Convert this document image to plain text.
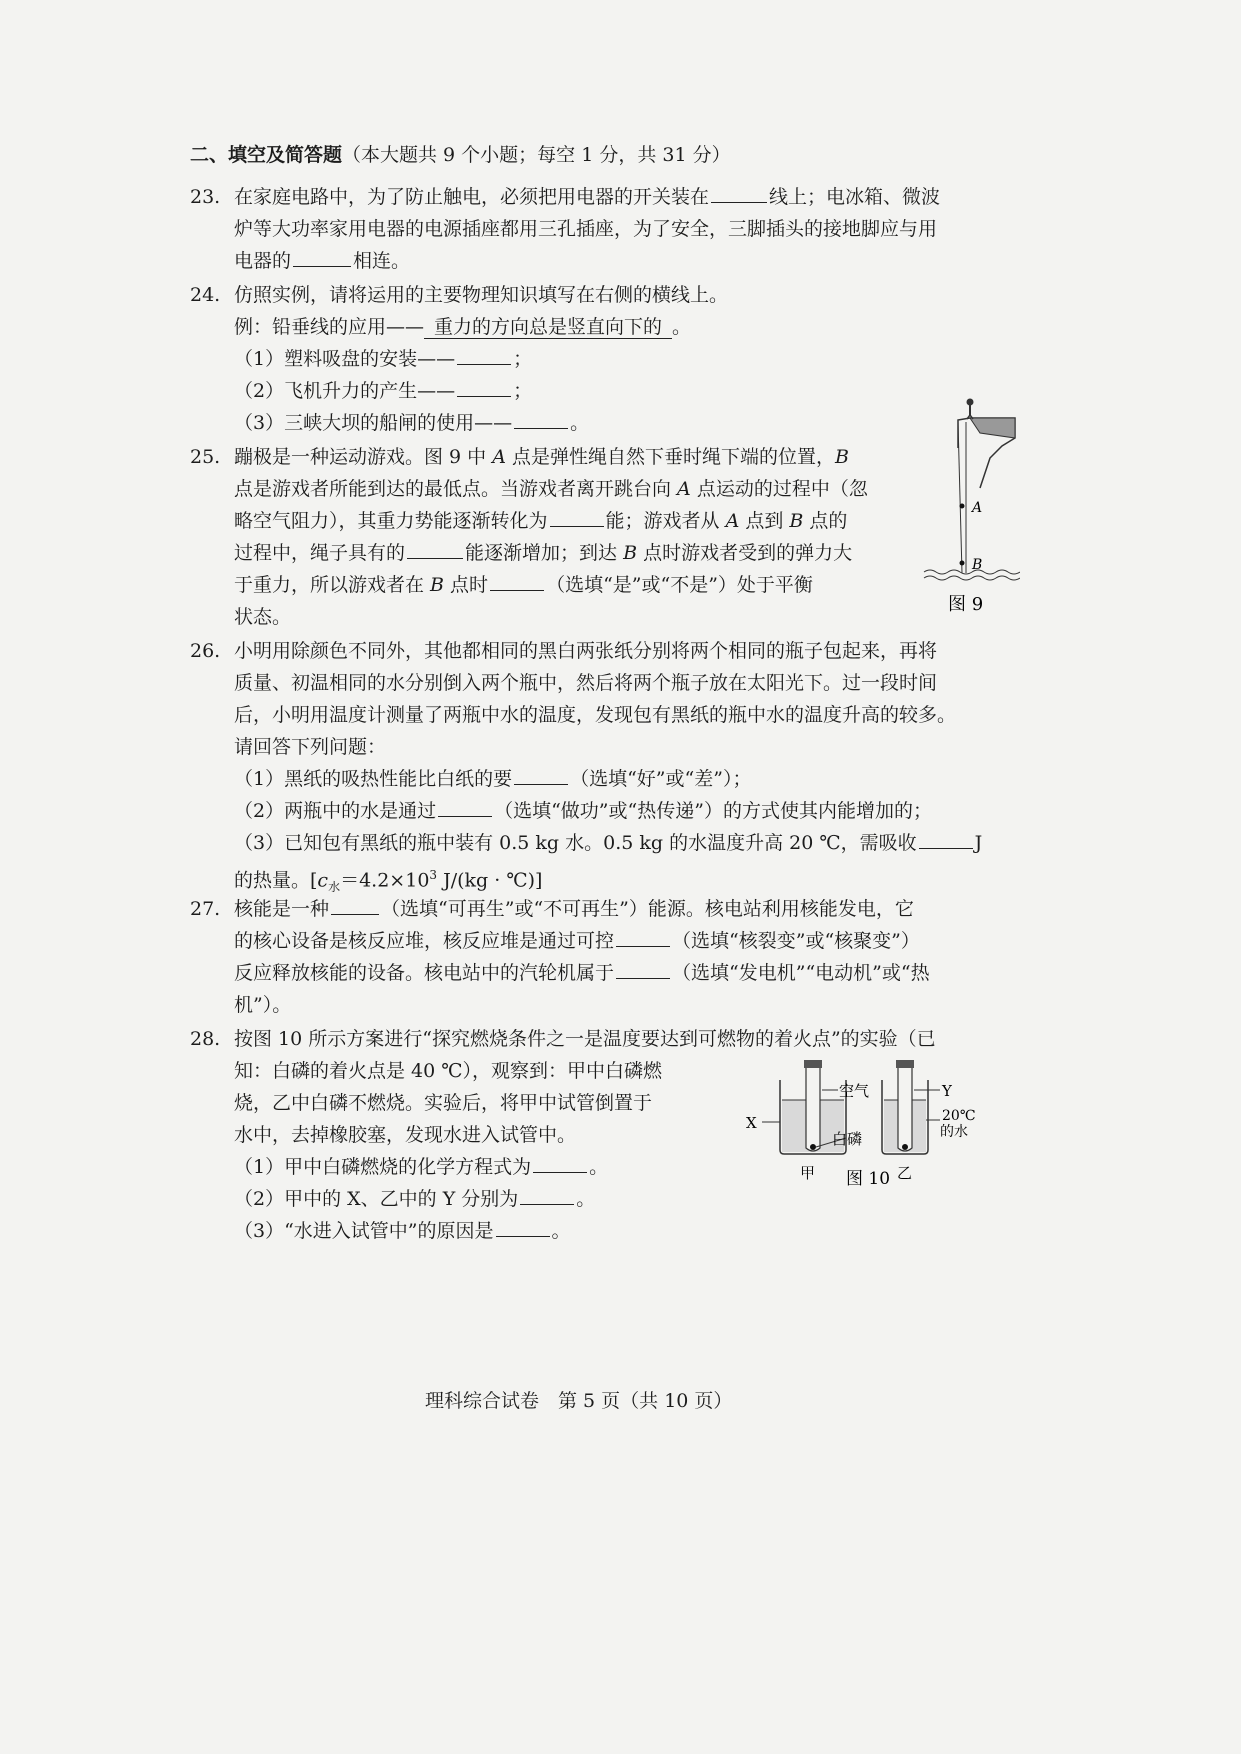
二、填空及简答题（本大题共 9 个小题；每空 1 分，共 31 分）
23. 在家庭电路中，为了防止触电，必须把用电器的开关装在	线上；电冰箱、微波
炉等大功率家用电器的电源插座都用三孔插座，为了安全，三脚插头的接地脚应与用
电器的	相连。
24. 仿照实例，请将运用的主要物理知识填写在右侧的横线上。
例：铅垂线的应用—— 重力的方向总是竖直向下的 。
（1）塑料吸盘的安装——	；
（2）飞机升力的产生——	；
（3）三峡大坝的船闸的使用——	。
25. 蹦极是一种运动游戏。图 9 中 A 点是弹性绳自然下垂时绳下端的位置，B
点是游戏者所能到达的最低点。当游戏者离开跳台向 A 点运动的过程中（忽
略空气阻力），其重力势能逐渐转化为	能；游戏者从 A 点到 B 点的
过程中，绳子具有的	能逐渐增加；到达 B 点时游戏者受到的弹力大
于重力，所以游戏者在 B 点时	（选填“是”或“不是”）处于平衡
状态。
A
B
图 9
26. 小明用除颜色不同外，其他都相同的黑白两张纸分别将两个相同的瓶子包起来，再将
质量、初温相同的水分别倒入两个瓶中，然后将两个瓶子放在太阳光下。过一段时间
后，小明用温度计测量了两瓶中水的温度，发现包有黑纸的瓶中水的温度升高的较多。
请回答下列问题：
（1）黑纸的吸热性能比白纸的要	（选填“好”或“差”）；
（2）两瓶中的水是通过	（选填“做功”或“热传递”）的方式使其内能增加的；
（3）已知包有黑纸的瓶中装有 0.5 kg 水。0.5 kg 的水温度升高 20 ℃，需吸收	J
的热量。[$c_水=4.2\times 10^3$ J/(kg · ℃)]
27. 核能是一种	（选填“可再生”或“不可再生”）能源。核电站利用核能发电，它
的核心设备是核反应堆，核反应堆是通过可控	（选填“核裂变”或“核聚变”）
反应释放核能的设备。核电站中的汽轮机属于	（选填“发电机”“电动机”或“热
机”）。
28. 按图 10 所示方案进行“探究燃烧条件之一是温度要达到可燃物的着火点”的实验（已
知：白磷的着火点是 40 ℃），观察到：甲中白磷燃
烧，乙中白磷不燃烧。实验后，将甲中试管倒置于
水中，去掉橡胶塞，发现水进入试管中。
（1）甲中白磷燃烧的化学方程式为	。
（2）甲中的 X、乙中的 Y 分别为	。
（3）“水进入试管中”的原因是	。
空气
X
白磷
甲
Y
20℃
的水
乙
图 10
理科综合试卷　第 5 页（共 10 页）
